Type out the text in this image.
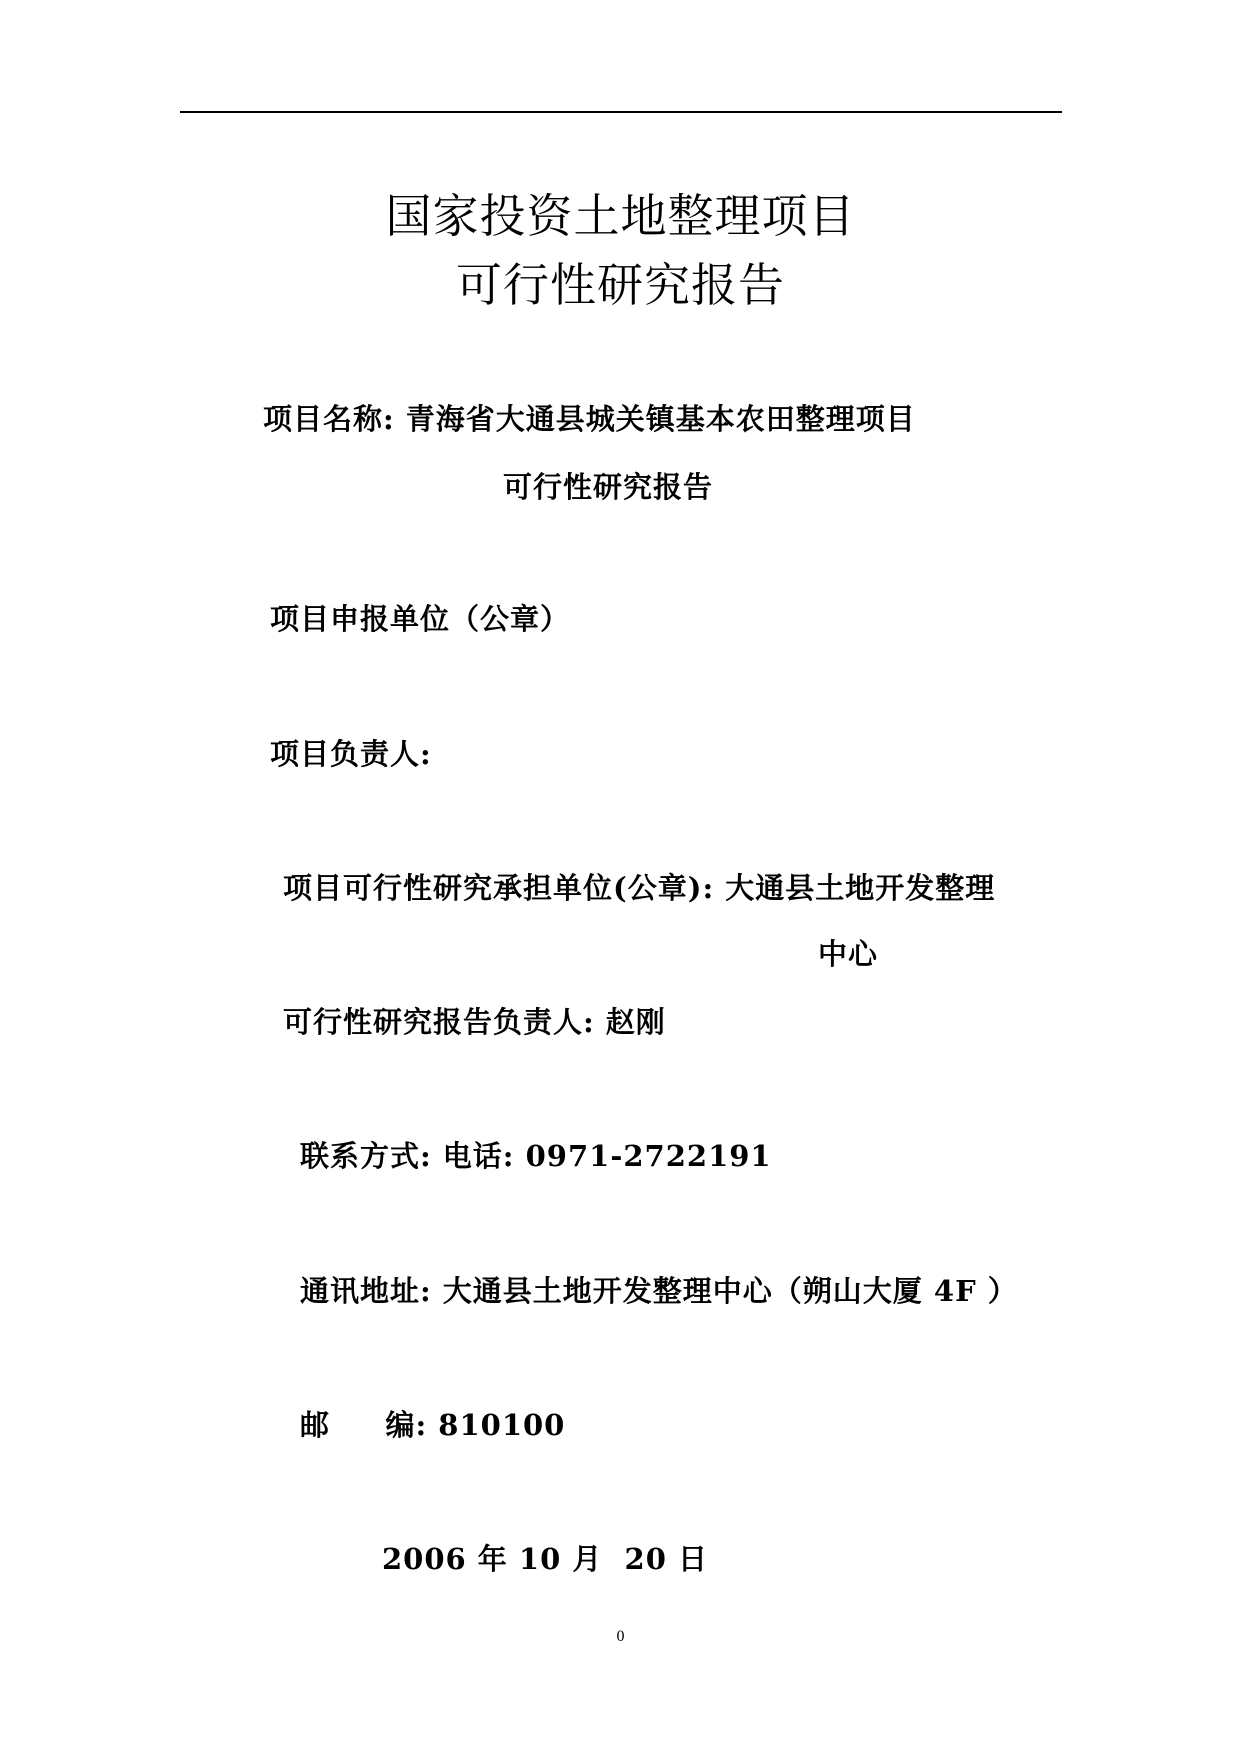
国家投资土地整理项目
可行性研究报告
项目名称: 青海省大通县城关镇基本农田整理项目
可行性研究报告
项目申报单位（公章）
项目负责人:
项目可行性研究承担单位(公章): 大通县土地开发整理
中心
可行性研究报告负责人: 赵刚
联系方式: 电话: 0971-2722191
通讯地址: 大通县土地开发整理中心（朔山大厦 4F ）
邮     编: 810100
2006 年 10 月  20 日
0
